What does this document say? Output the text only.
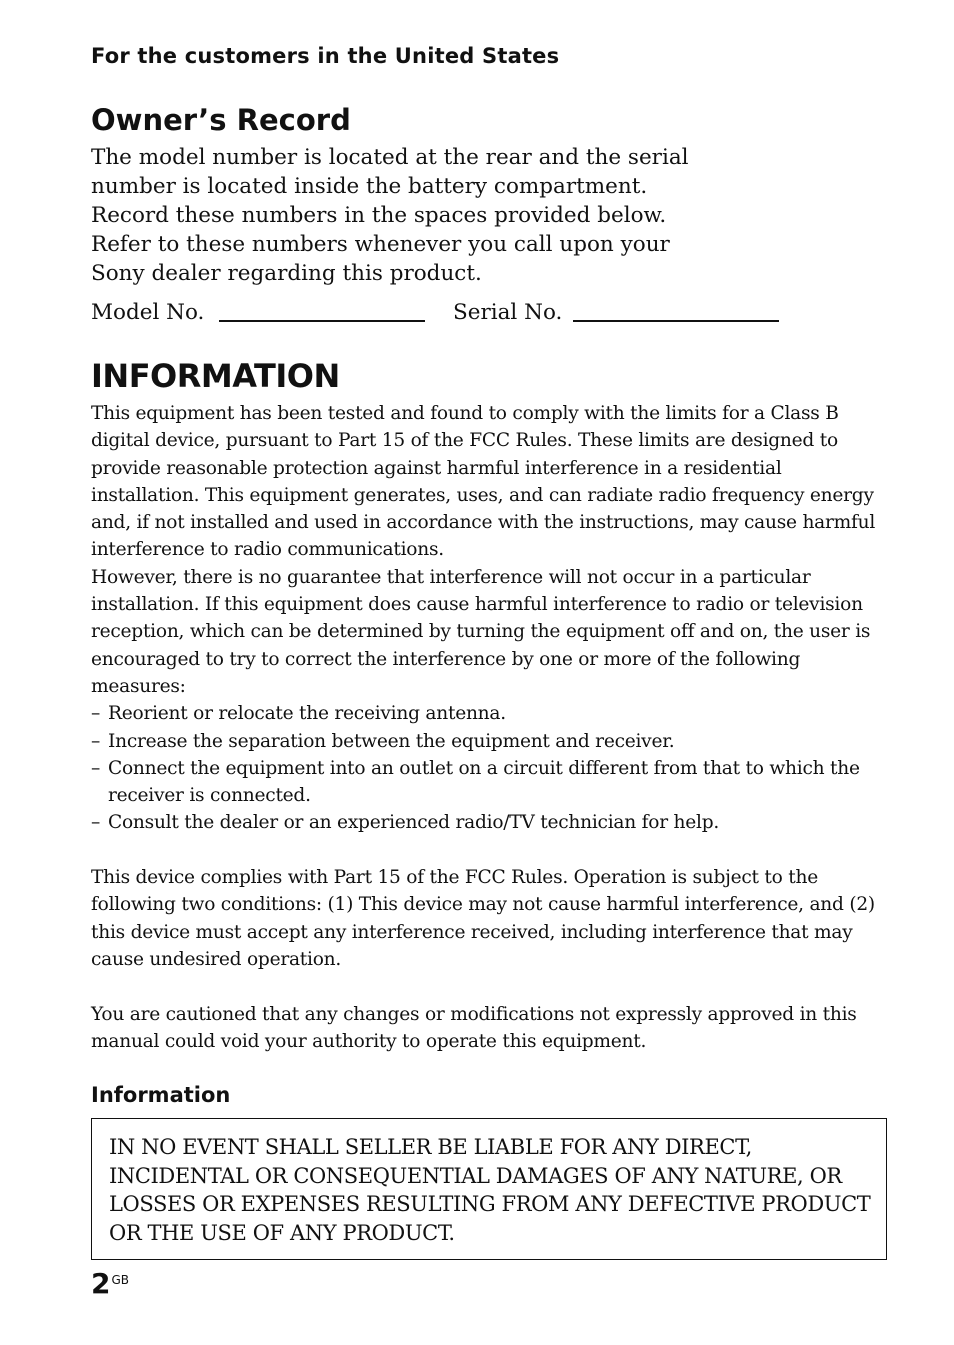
For the customers in the United States
Owner’s Record

The model number is located at the rear and the serial

number is located inside the battery compartment.

Record these numbers in the spaces provided below.

Refer to these numbers whenever you call upon your

Sony dealer regarding this product.

Model No.	Serial No.
INFORMATION

This equipment has been tested and found to comply with the limits for a Class B digital device, pursuant to Part 15 of the FCC Rules. These limits are designed to provide reasonable protection against harmful interference in a residential installation. This equipment generates, uses, and can radiate radio frequency energy and, if not installed and used in accordance with the instructions, may cause harmful interference to radio communications.

However, there is no guarantee that interference will not occur in a particular installation. If this equipment does cause harmful interference to radio or television reception, which can be determined by turning the equipment off and on, the user is encouraged to try to correct the interference by one or more of the following measures:

– Reorient or relocate the receiving antenna.
– Increase the separation between the equipment and receiver.
– Connect the equipment into an outlet on a circuit different from that to which the receiver is connected.
– Consult the dealer or an experienced radio/TV technician for help.

This device complies with Part 15 of the FCC Rules. Operation is subject to the following two conditions: (1) This device may not cause harmful interference, and (2) this device must accept any interference received, including interference that may cause undesired operation.

You are cautioned that any changes or modifications not expressly approved in this manual could void your authority to operate this equipment.

Information
IN NO EVENT SHALL SELLER BE LIABLE FOR ANY DIRECT, INCIDENTAL OR CONSEQUENTIAL DAMAGES OF ANY NATURE, OR LOSSES OR EXPENSES RESULTING FROM ANY DEFECTIVE PRODUCT OR THE USE OF ANY PRODUCT.
$2^{GB}$
